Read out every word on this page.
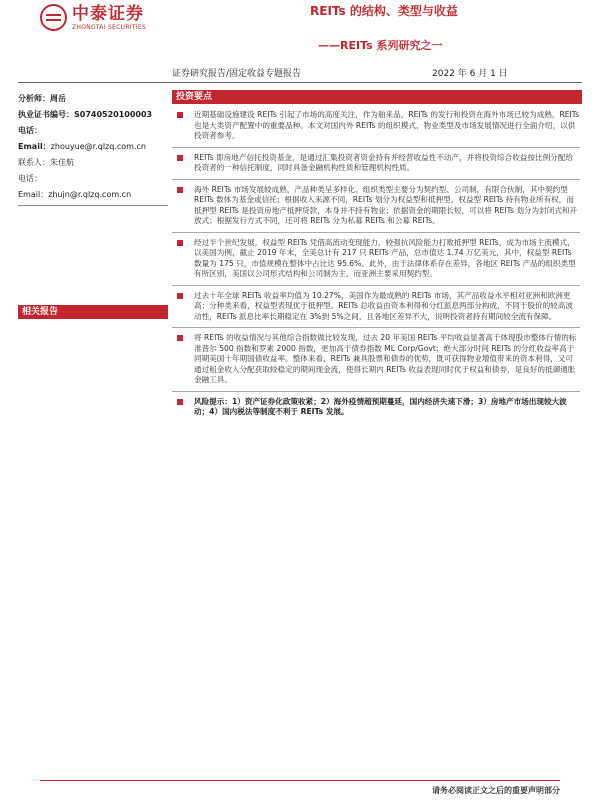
中泰证券
ZHONGTAI SECURITIES
REITs 的结构、类型与收益
——REITs 系列研究之一
证券研究报告/固定收益专题报告	2022 年 6 月 1 日
分析师：周岳
执业证书编号：S0740520100003
电话：
Email：zhouyue@r.qlzq.com.cn
联系人：朱佳航
电话：
Email：zhujn@r.qlzq.com.cn
相关报告
投资要点
近期基础设施建设 REITs 引起了市场的高度关注，作为舶来品，REITs 的发行和投资在海外市场已较为成熟，REITs 也是大类资产配置中的重要品种。本文对国内外 REITs 的组织模式、物业类型及市场发展情况进行全面介绍，以供投资者参考。
REITs 即房地产信托投资基金，是通过汇集投资者资金持有并经营收益性不动产，并将投资综合收益按比例分配给投资者的一种信托制度，同时具备金融机构性质和管理机构性质。
海外 REITs 市场发展较成熟，产品种类呈多样化。组织类型主要分为契约型、公司制，有限合伙制，其中契约型 REITs 数体为基金或信托；根据收入来源不同，REITs 划分为权益型和抵押型，权益型 REITs 持有物业所有权，而抵押型 REITs 是投资房地产抵押贷款，本身并不持有物业；依据资金的期限长短，可以将 REITs 划分为封闭式和开放式；根据发行方式不同，还可将 REITs 分为私募 REITs 和公募 REITs。
经过半个世纪发展，权益型 REITs 凭借高流动变现能力、较强抗风险能力打败抵押型 REITs，成为市场主流模式，以美国为例，截止 2019 年末，全美总计有 217 只 REITs 产品，总市值达 1.74 万亿美元，其中，权益型 REITs 数量为 175 只，市值规模在整体中占比达 95.6%。此外，由于法律体系存在差异，各地区 REITs 产品的组织类型有所区别，美国以公司形式结构和公司制为主，而亚洲主要采用契约型。
过去十年全球 REITs 收益率均值为 10.27%，美国作为最成熟的 REITs 市场，其产品收益水平相对亚洲和欧洲更高；分种类来看，权益型表现优于抵押型。REITs 总收益由资本利得和分红派息两部分构成，不同于股价的较高波动性，REITs 派息比率长期稳定在 3%到 5%之间，且各地区差异不大，说明投资者持有期间较全流有保障。
将 REITs 的收益情况与其他综合指数做比较发现，过去 20 年美国 REITs 平均收益显著高于体现股市整体行情的标准普尔 500 指数和罗素 2000 指数，更加高于债券指数 ML Corp/Govt；绝大部分时间 REITs 的分红收益率高于同期美国十年期国债收益率。整体来看，REITs 兼具股票和债券的优势，既可获得物业增值带来的资本利得，又可通过租金收入分配获取较稳定的期间现金流，使得长期内 REITs 收益表现同时优于权益和债券，是良好的抵御通胀金融工具。
风险提示：1）资产证券化政策收紧；2）海外疫情超预期蔓延，国内经济失速下滑；3）房地产市场出现较大波动；4）国内税法等制度不利于 REITs 发展。
请务必阅读正文之后的重要声明部分
